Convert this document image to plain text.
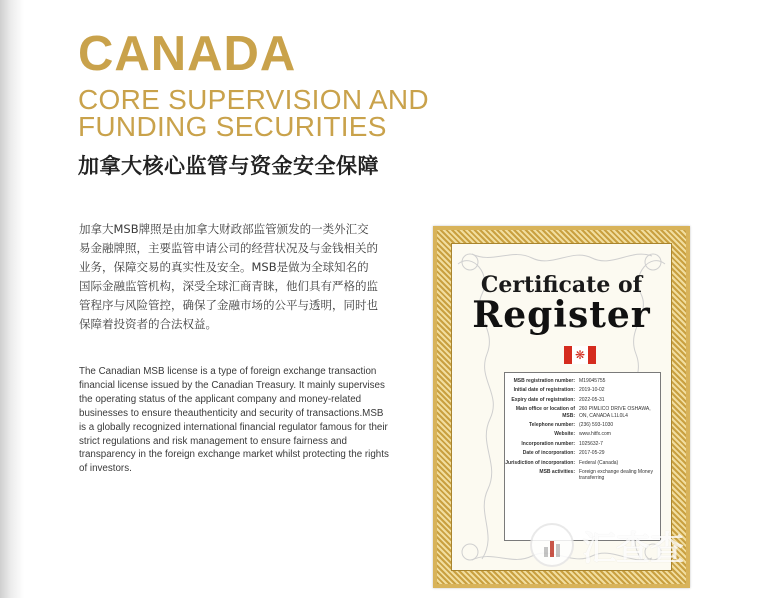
CANADA
CORE SUPERVISION AND
FUNDING SECURITIES
加拿大核心监管与资金安全保障
加拿大MSB牌照是由加拿大财政部监管颁发的一类外汇交易金融牌照，主要监管申请公司的经营状况及与金钱相关的业务，保障交易的真实性及安全。MSB是做为全球知名的国际金融监管机构，深受全球汇商青睐，他们具有严格的监管程序与风险管控，确保了金融市场的公平与透明，同时也保障着投资者的合法权益。
The Canadian MSB license is a type of foreign exchange transaction financial license issued by the Canadian Treasury. It mainly supervises the operating status of the applicant company and money-related businesses to ensure theauthenticity and security of transactions.MSB is a globally recognized international financial regulator famous for their strict regulations and risk management to ensure fairness and transparency in the foreign exchange market whilst protecting the rights of investors.
Certificate of
Register
❋
MSB registration number: M19045755
Initial date of registration: 2019-10-02
Expiry date of registration: 2022-05-31
Main office or location of MSB:
260 PIMLICO DRIVE OSHAWA, ON, CANADA L1L0L4
Telephone number: (236) 593-1030
Website: www.hitfx.com
Incorporation number: 1025632-7
Date of incorporation: 2017-05-29
Jurisdiction of incorporation: Federal (Canada)
MSB activities: Foreign exchange dealing Money transferring
汇查查
